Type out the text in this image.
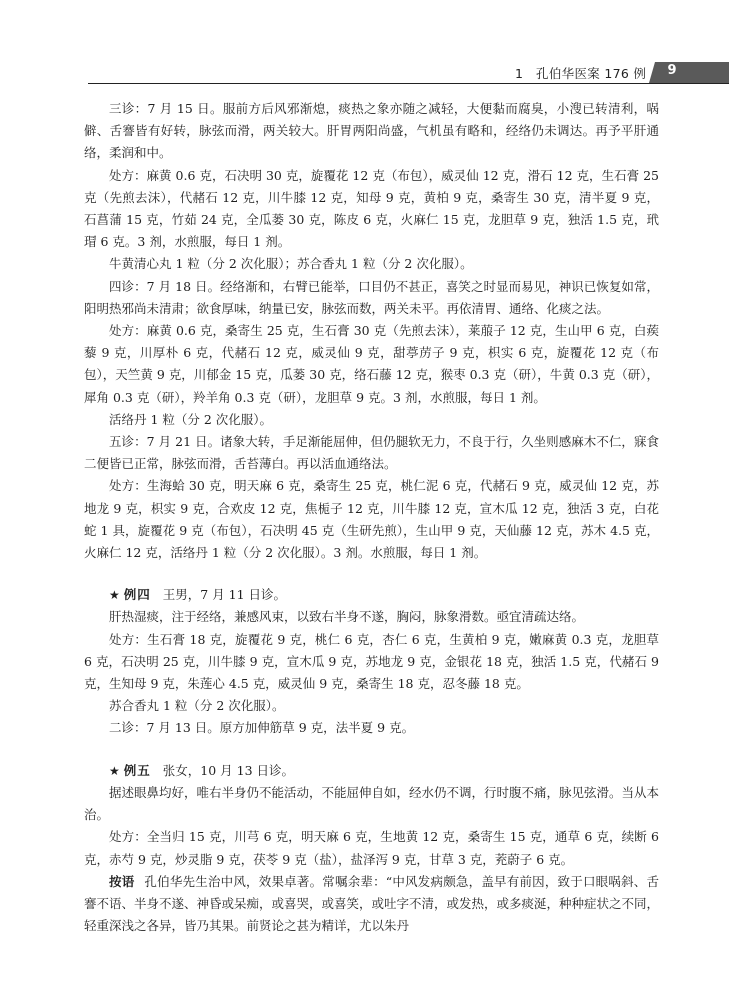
1　孔伯华医案 176 例	9

三诊：7 月 15 日。服前方后风邪渐熄，痰热之象亦随之减轻，大便黏而腐臭，小溲已转清利，㖞僻、舌謇皆有好转，脉弦而滑，两关较大。肝胃两阳尚盛，气机虽有略和，经络仍未调达。再予平肝通络，柔润和中。

处方：麻黄 0.6 克，石决明 30 克，旋覆花 12 克（布包），威灵仙 12 克，滑石 12 克，生石膏 25 克（先煎去沫），代赭石 12 克，川牛膝 12 克，知母 9 克，黄柏 9 克，桑寄生 30 克，清半夏 9 克，石菖蒲 15 克，竹茹 24 克，全瓜蒌 30 克，陈皮 6 克，火麻仁 15 克，龙胆草 9 克，独活 1.5 克，玳瑁 6 克。3 剂，水煎服，每日 1 剂。

牛黄清心丸 1 粒（分 2 次化服）；苏合香丸 1 粒（分 2 次化服）。

四诊：7 月 18 日。经络渐和，右臂已能举，口目仍不甚正，喜笑之时显而易见，神识已恢复如常，阳明热邪尚未清肃；欲食厚味，纳量已安，脉弦而数，两关未平。再依清胃、通络、化痰之法。

处方：麻黄 0.6 克，桑寄生 25 克，生石膏 30 克（先煎去沫），莱菔子 12 克，生山甲 6 克，白蒺藜 9 克，川厚朴 6 克，代赭石 12 克，威灵仙 9 克，甜葶苈子 9 克，枳实 6 克，旋覆花 12 克（布包），天竺黄 9 克，川郁金 15 克，瓜蒌 30 克，络石藤 12 克，猴枣 0.3 克（研），牛黄 0.3 克（研），犀角 0.3 克（研），羚羊角 0.3 克（研），龙胆草 9 克。3 剂，水煎服，每日 1 剂。

活络丹 1 粒（分 2 次化服）。

五诊：7 月 21 日。诸象大转，手足渐能屈伸，但仍腿软无力，不良于行，久坐则感麻木不仁，寐食二便皆已正常，脉弦而滑，舌苔薄白。再以活血通络法。

处方：生海蛤 30 克，明天麻 6 克，桑寄生 25 克，桃仁泥 6 克，代赭石 9 克，威灵仙 12 克，苏地龙 9 克，枳实 9 克，合欢皮 12 克，焦栀子 12 克，川牛膝 12 克，宣木瓜 12 克，独活 3 克，白花蛇 1 具，旋覆花 9 克（布包），石决明 45 克（生研先煎），生山甲 9 克，天仙藤 12 克，苏木 4.5 克，火麻仁 12 克，活络丹 1 粒（分 2 次化服）。3 剂。水煎服，每日 1 剂。

★ 例四 王男，7 月 11 日诊。

肝热湿痰，注于经络，兼感风束，以致右半身不遂，胸闷，脉象滑数。亟宜清疏达络。

处方：生石膏 18 克，旋覆花 9 克，桃仁 6 克，杏仁 6 克，生黄柏 9 克，嫩麻黄 0.3 克，龙胆草 6 克，石决明 25 克，川牛膝 9 克，宣木瓜 9 克，苏地龙 9 克，金银花 18 克，独活 1.5 克，代赭石 9 克，生知母 9 克，朱莲心 4.5 克，威灵仙 9 克，桑寄生 18 克，忍冬藤 18 克。

苏合香丸 1 粒（分 2 次化服）。

二诊：7 月 13 日。原方加伸筋草 9 克，法半夏 9 克。

★ 例五 张女，10 月 13 日诊。

据述眼鼻均好，唯右半身仍不能活动，不能屈伸自如，经水仍不调，行时腹不痛，脉见弦滑。当从本治。

处方：全当归 15 克，川芎 6 克，明天麻 6 克，生地黄 12 克，桑寄生 15 克，通草 6 克，续断 6 克，赤芍 9 克，炒灵脂 9 克，茯苓 9 克（盐），盐泽泻 9 克，甘草 3 克，茺蔚子 6 克。

按语 孔伯华先生治中风，效果卓著。常嘱余辈：“中风发病颇急，盖早有前因，致于口眼㖞斜、舌謇不语、半身不遂、神昏或呆痴，或喜哭，或喜笑，或吐字不清，或发热，或多痰涎，种种症状之不同，轻重深浅之各异，皆乃其果。前贤论之甚为精详，尤以朱丹
